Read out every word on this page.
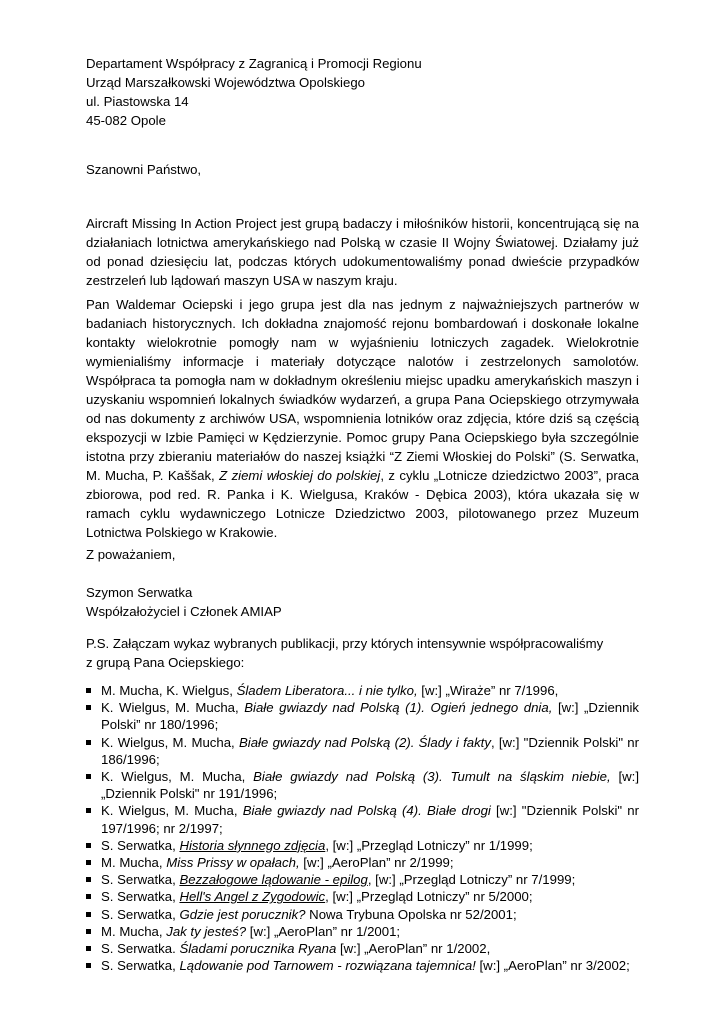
Departament Współpracy z Zagranicą i Promocji Regionu
Urząd Marszałkowski Województwa Opolskiego
ul. Piastowska 14
45-082 Opole
Szanowni Państwo,
Aircraft Missing In Action Project jest grupą badaczy i miłośników historii, koncentrującą się na działaniach lotnictwa amerykańskiego nad Polską w czasie II Wojny Światowej. Działamy już od ponad dziesięciu lat, podczas których udokumentowaliśmy ponad dwieście przypadków zestrzeleń lub lądowań maszyn USA w naszym kraju.
Pan Waldemar Ociepski i jego grupa jest dla nas jednym z najważniejszych partnerów w badaniach historycznych. Ich dokładna znajomość rejonu bombardowań i doskonałe lokalne kontakty wielokrotnie pomogły nam w wyjaśnieniu lotniczych zagadek. Wielokrotnie wymienialiśmy informacje i materiały dotyczące nalotów i zestrzelonych samolotów. Współpraca ta pomogła nam w dokładnym określeniu miejsc upadku amerykańskich maszyn i uzyskaniu wspomnień lokalnych świadków wydarzeń, a grupa Pana Ociepskiego otrzymywała od nas dokumenty z archiwów USA, wspomnienia lotników oraz zdjęcia, które dziś są częścią ekspozycji w Izbie Pamięci w Kędzierzynie. Pomoc grupy Pana Ociepskiego była szczególnie istotna przy zbieraniu materiałów do naszej książki “Z Ziemi Włoskiej do Polski” (S. Serwatka, M. Mucha, P. Kaššak, Z ziemi włoskiej do polskiej, z cyklu „Lotnicze dziedzictwo 2003”, praca zbiorowa, pod red. R. Panka i K. Wielgusa, Kraków - Dębica 2003), która ukazała się w ramach cyklu wydawniczego Lotnicze Dziedzictwo 2003, pilotowanego przez Muzeum Lotnictwa Polskiego w Krakowie.
Z poważaniem,
Szymon Serwatka
Współzałożyciel i Członek AMIAP
P.S. Załączam wykaz wybranych publikacji, przy których intensywnie współpracowaliśmy
z grupą Pana Ociepskiego:
M. Mucha, K. Wielgus, Śladem Liberatora... i nie tylko, [w:] „Wiraże” nr 7/1996,
K. Wielgus, M. Mucha, Białe gwiazdy nad Polską (1). Ogień jednego dnia, [w:] „Dziennik Polski” nr 180/1996;
K. Wielgus, M. Mucha, Białe gwiazdy nad Polską (2). Ślady i fakty, [w:] "Dziennik Polski" nr 186/1996;
K. Wielgus, M. Mucha, Białe gwiazdy nad Polską (3). Tumult na śląskim niebie, [w:] „Dziennik Polski" nr 191/1996;
K. Wielgus, M. Mucha, Białe gwiazdy nad Polską (4). Białe drogi [w:] "Dziennik Polski" nr 197/1996; nr 2/1997;
S. Serwatka, Historia słynnego zdjęcia, [w:] „Przegląd Lotniczy” nr 1/1999;
M. Mucha, Miss Prissy w opałach, [w:] „AeroPlan” nr 2/1999;
S. Serwatka, Bezzałogowe lądowanie - epilog, [w:] „Przegląd Lotniczy” nr 7/1999;
S. Serwatka, Hell's Angel z Zygodowic, [w:] „Przegląd Lotniczy” nr 5/2000;
S. Serwatka, Gdzie jest porucznik? Nowa Trybuna Opolska nr 52/2001;
M. Mucha, Jak ty jesteś? [w:] „AeroPlan” nr 1/2001;
S. Serwatka. Śladami porucznika Ryana [w:] „AeroPlan” nr 1/2002,
S. Serwatka, Lądowanie pod Tarnowem - rozwiązana tajemnica! [w:] „AeroPlan” nr 3/2002;
